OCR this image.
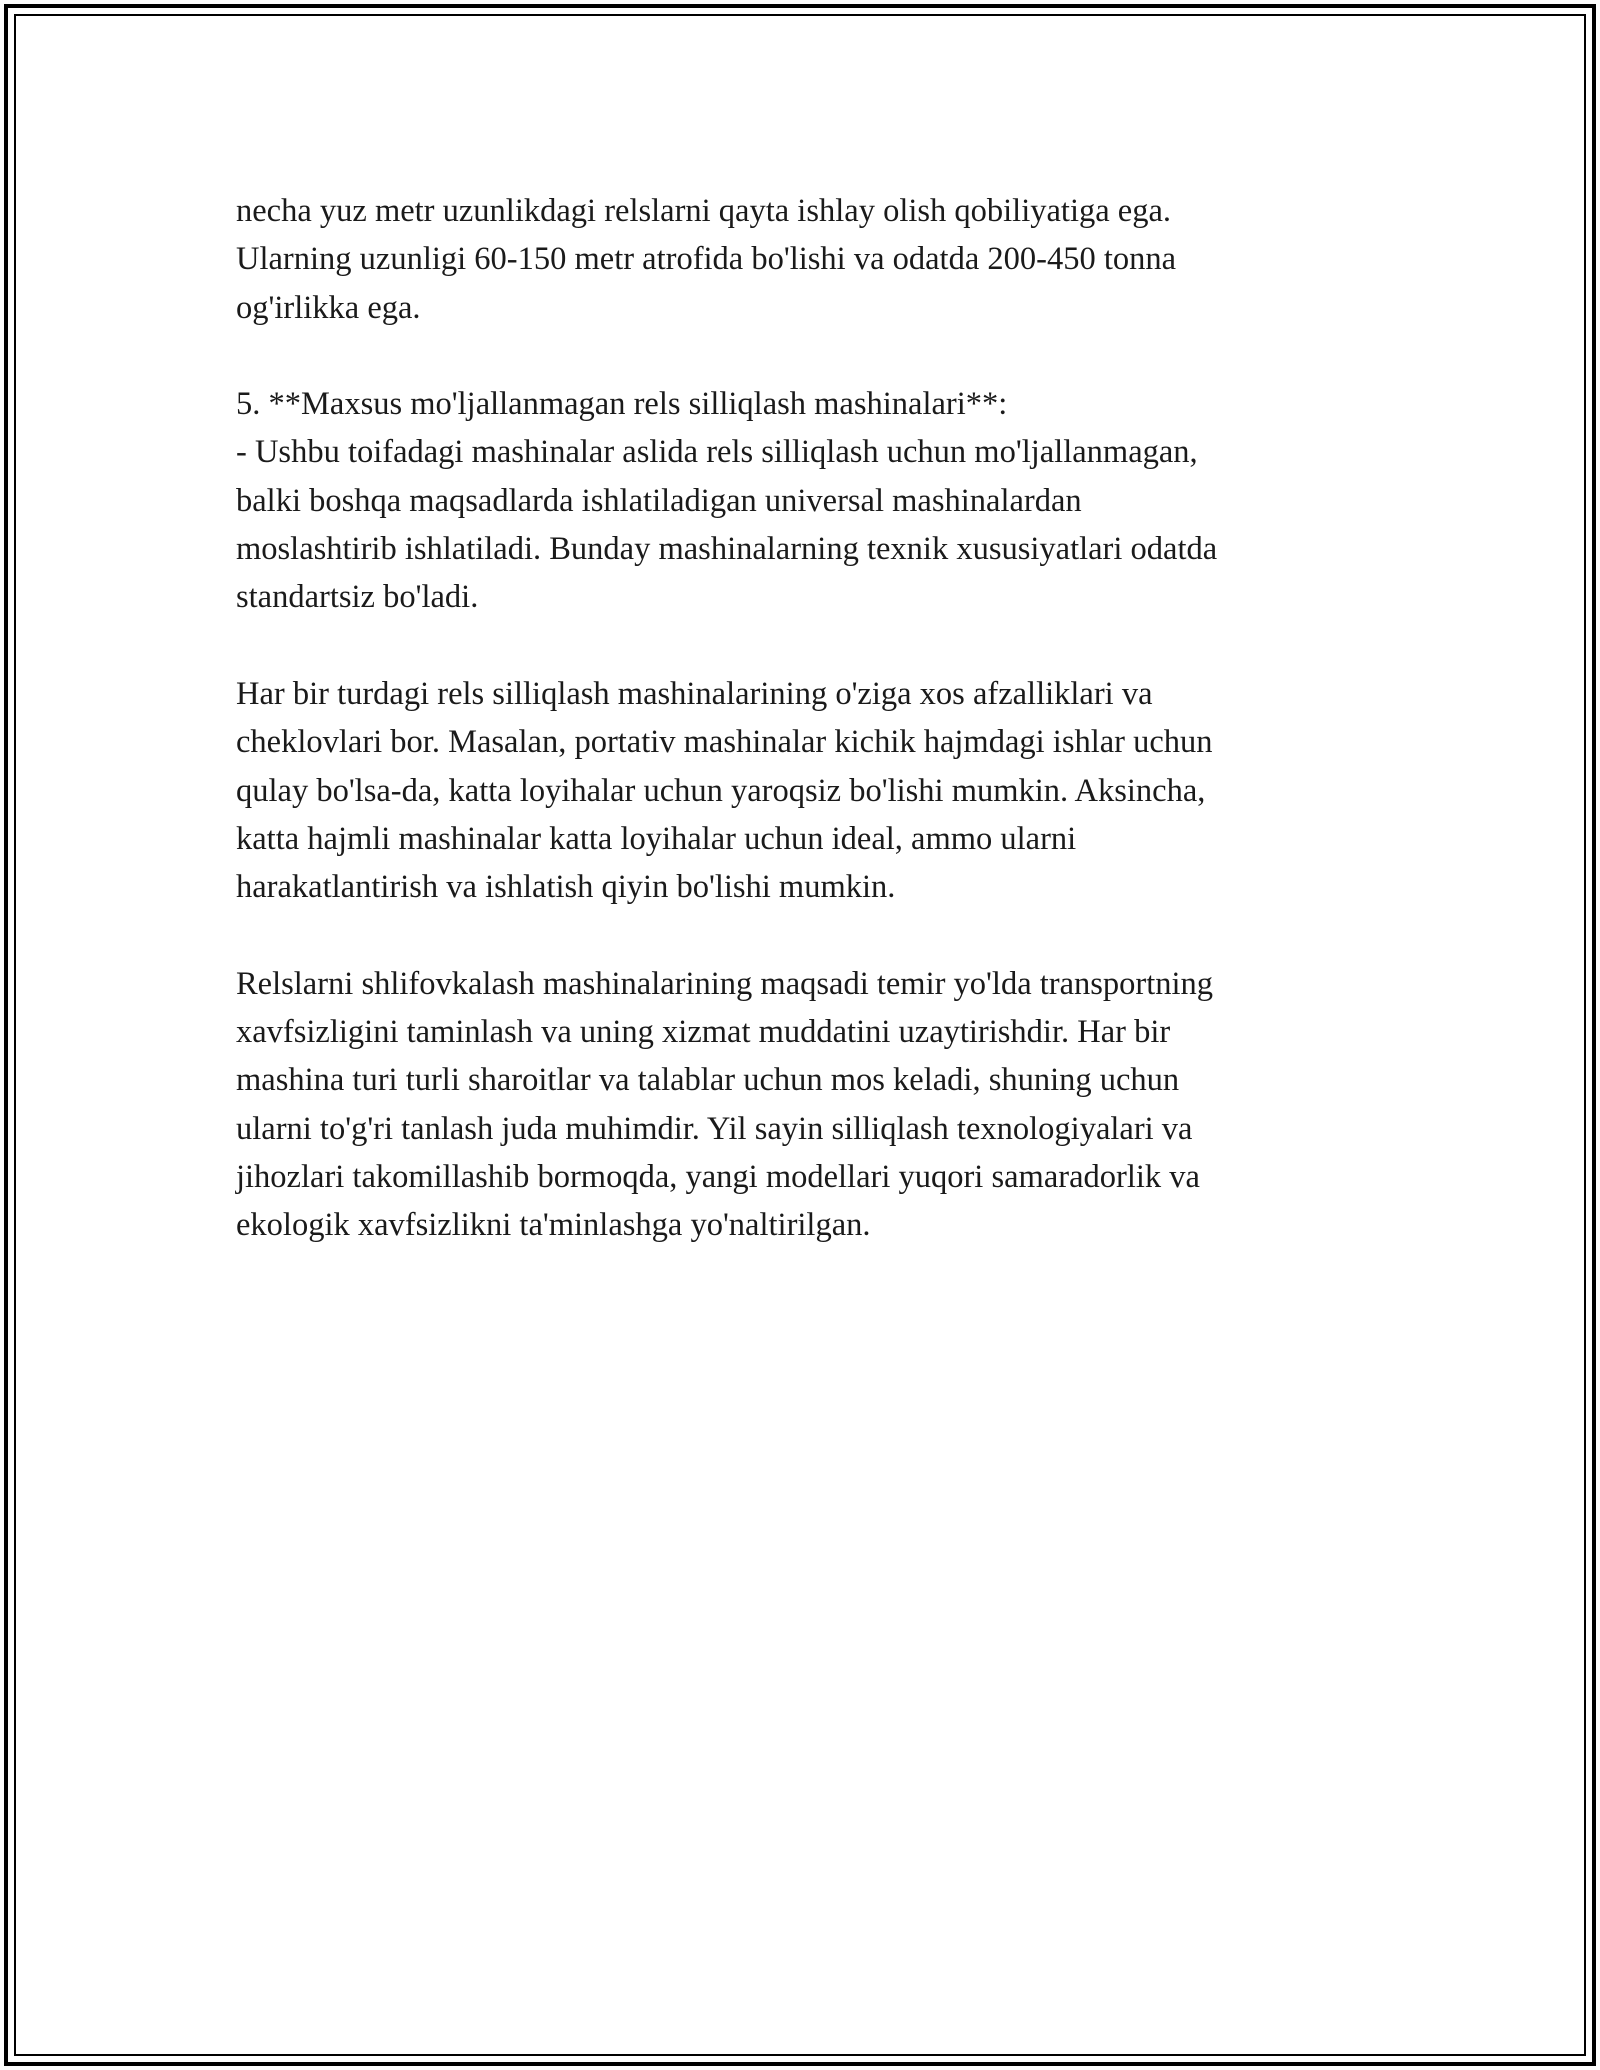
necha yuz metr uzunlikdagi relslarni qayta ishlay olish qobiliyatiga ega.
Ularning uzunligi 60-150 metr atrofida bo'lishi va odatda 200-450 tonna
og'irlikka ega.

5. **Maxsus mo'ljallanmagan rels silliqlash mashinalari**:
- Ushbu toifadagi mashinalar aslida rels silliqlash uchun mo'ljallanmagan,
balki boshqa maqsadlarda ishlatiladigan universal mashinalardan
moslashtirib ishlatiladi. Bunday mashinalarning texnik xususiyatlari odatda
standartsiz bo'ladi.

Har bir turdagi rels silliqlash mashinalarining o'ziga xos afzalliklari va
cheklovlari bor. Masalan, portativ mashinalar kichik hajmdagi ishlar uchun
qulay bo'lsa-da, katta loyihalar uchun yaroqsiz bo'lishi mumkin. Aksincha,
katta hajmli mashinalar katta loyihalar uchun ideal, ammo ularni
harakatlantirish va ishlatish qiyin bo'lishi mumkin.

Relslarni shlifovkalash mashinalarining maqsadi temir yo'lda transportning
xavfsizligini taminlash va uning xizmat muddatini uzaytirishdir. Har bir
mashina turi turli sharoitlar va talablar uchun mos keladi, shuning uchun
ularni to'g'ri tanlash juda muhimdir. Yil sayin silliqlash texnologiyalari va
jihozlari takomillashib bormoqda, yangi modellari yuqori samaradorlik va
ekologik xavfsizlikni ta'minlashga yo'naltirilgan.
